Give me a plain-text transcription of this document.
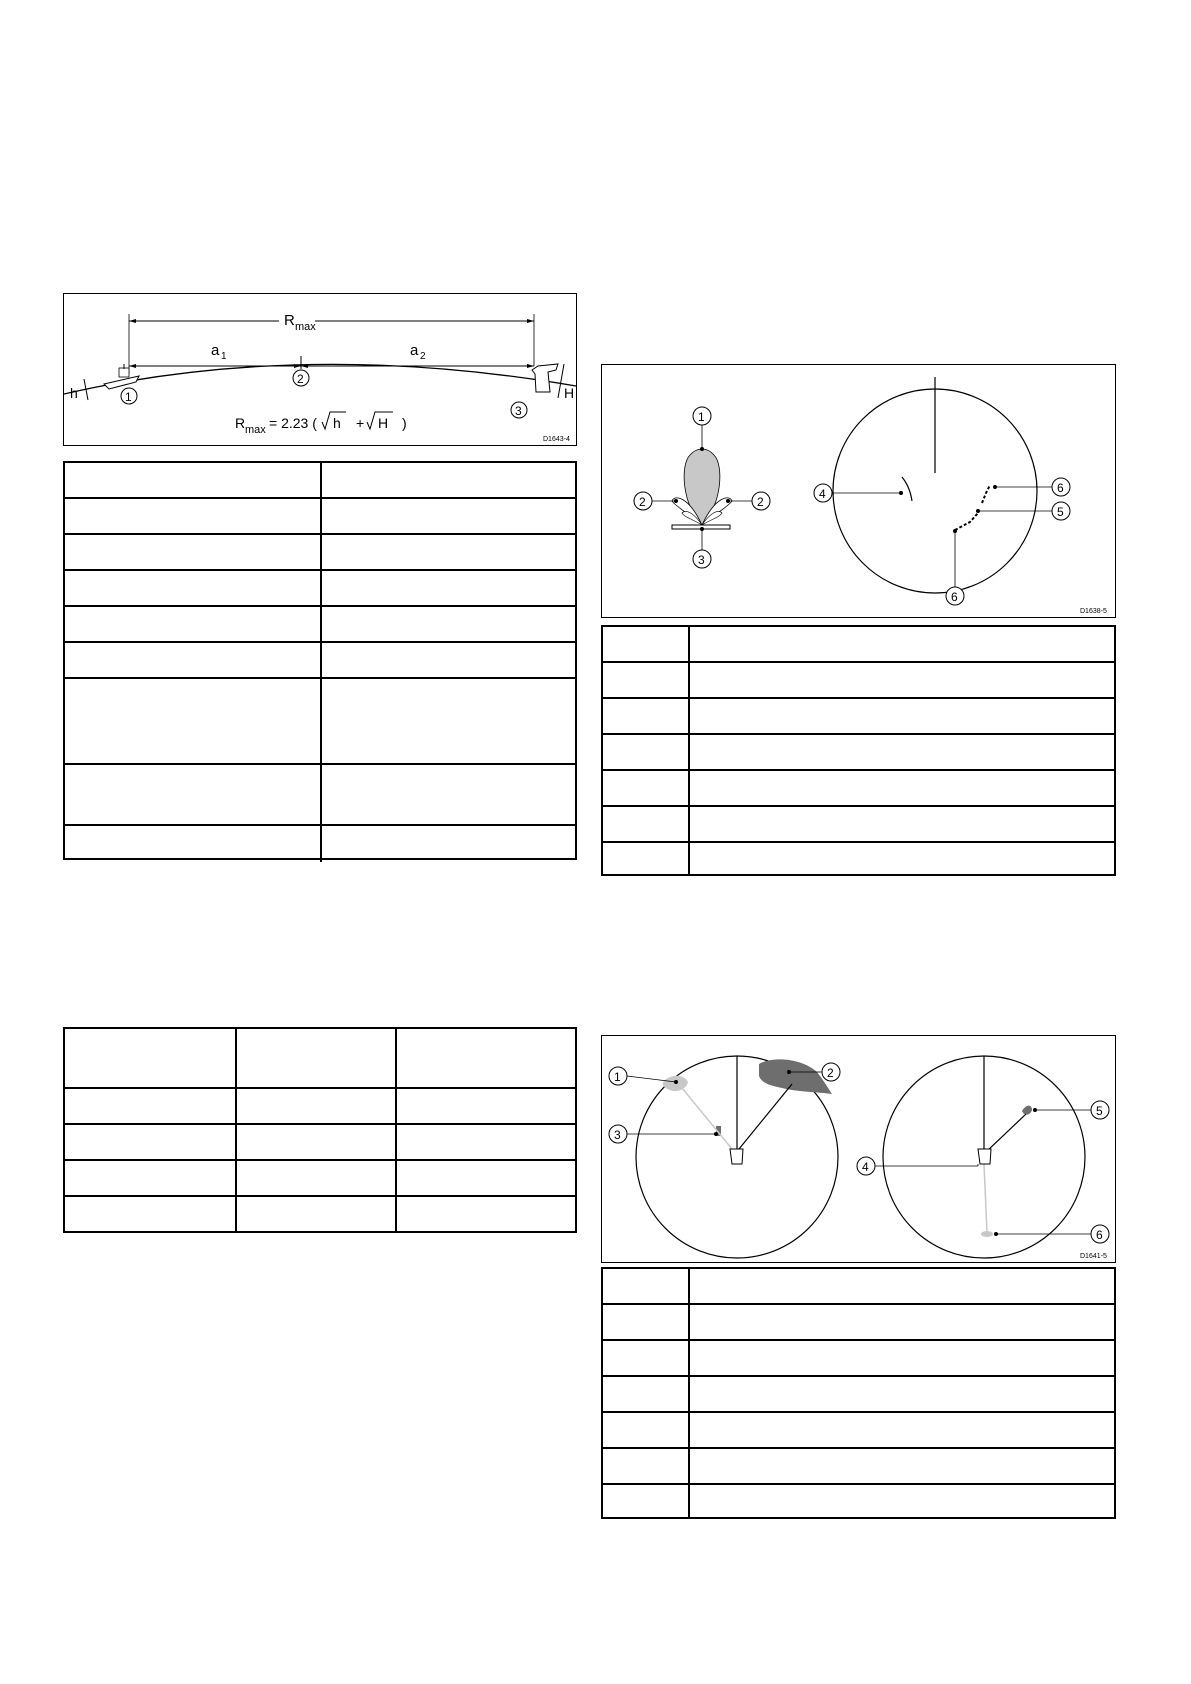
R max
a 1	a 2
h	H
1
2
3
R max = 2.23 ( h + H )
D1643-4
1
2	2
3
4
5
6
6
D1638-5
1	2
3
5
4
6
D1641-5
